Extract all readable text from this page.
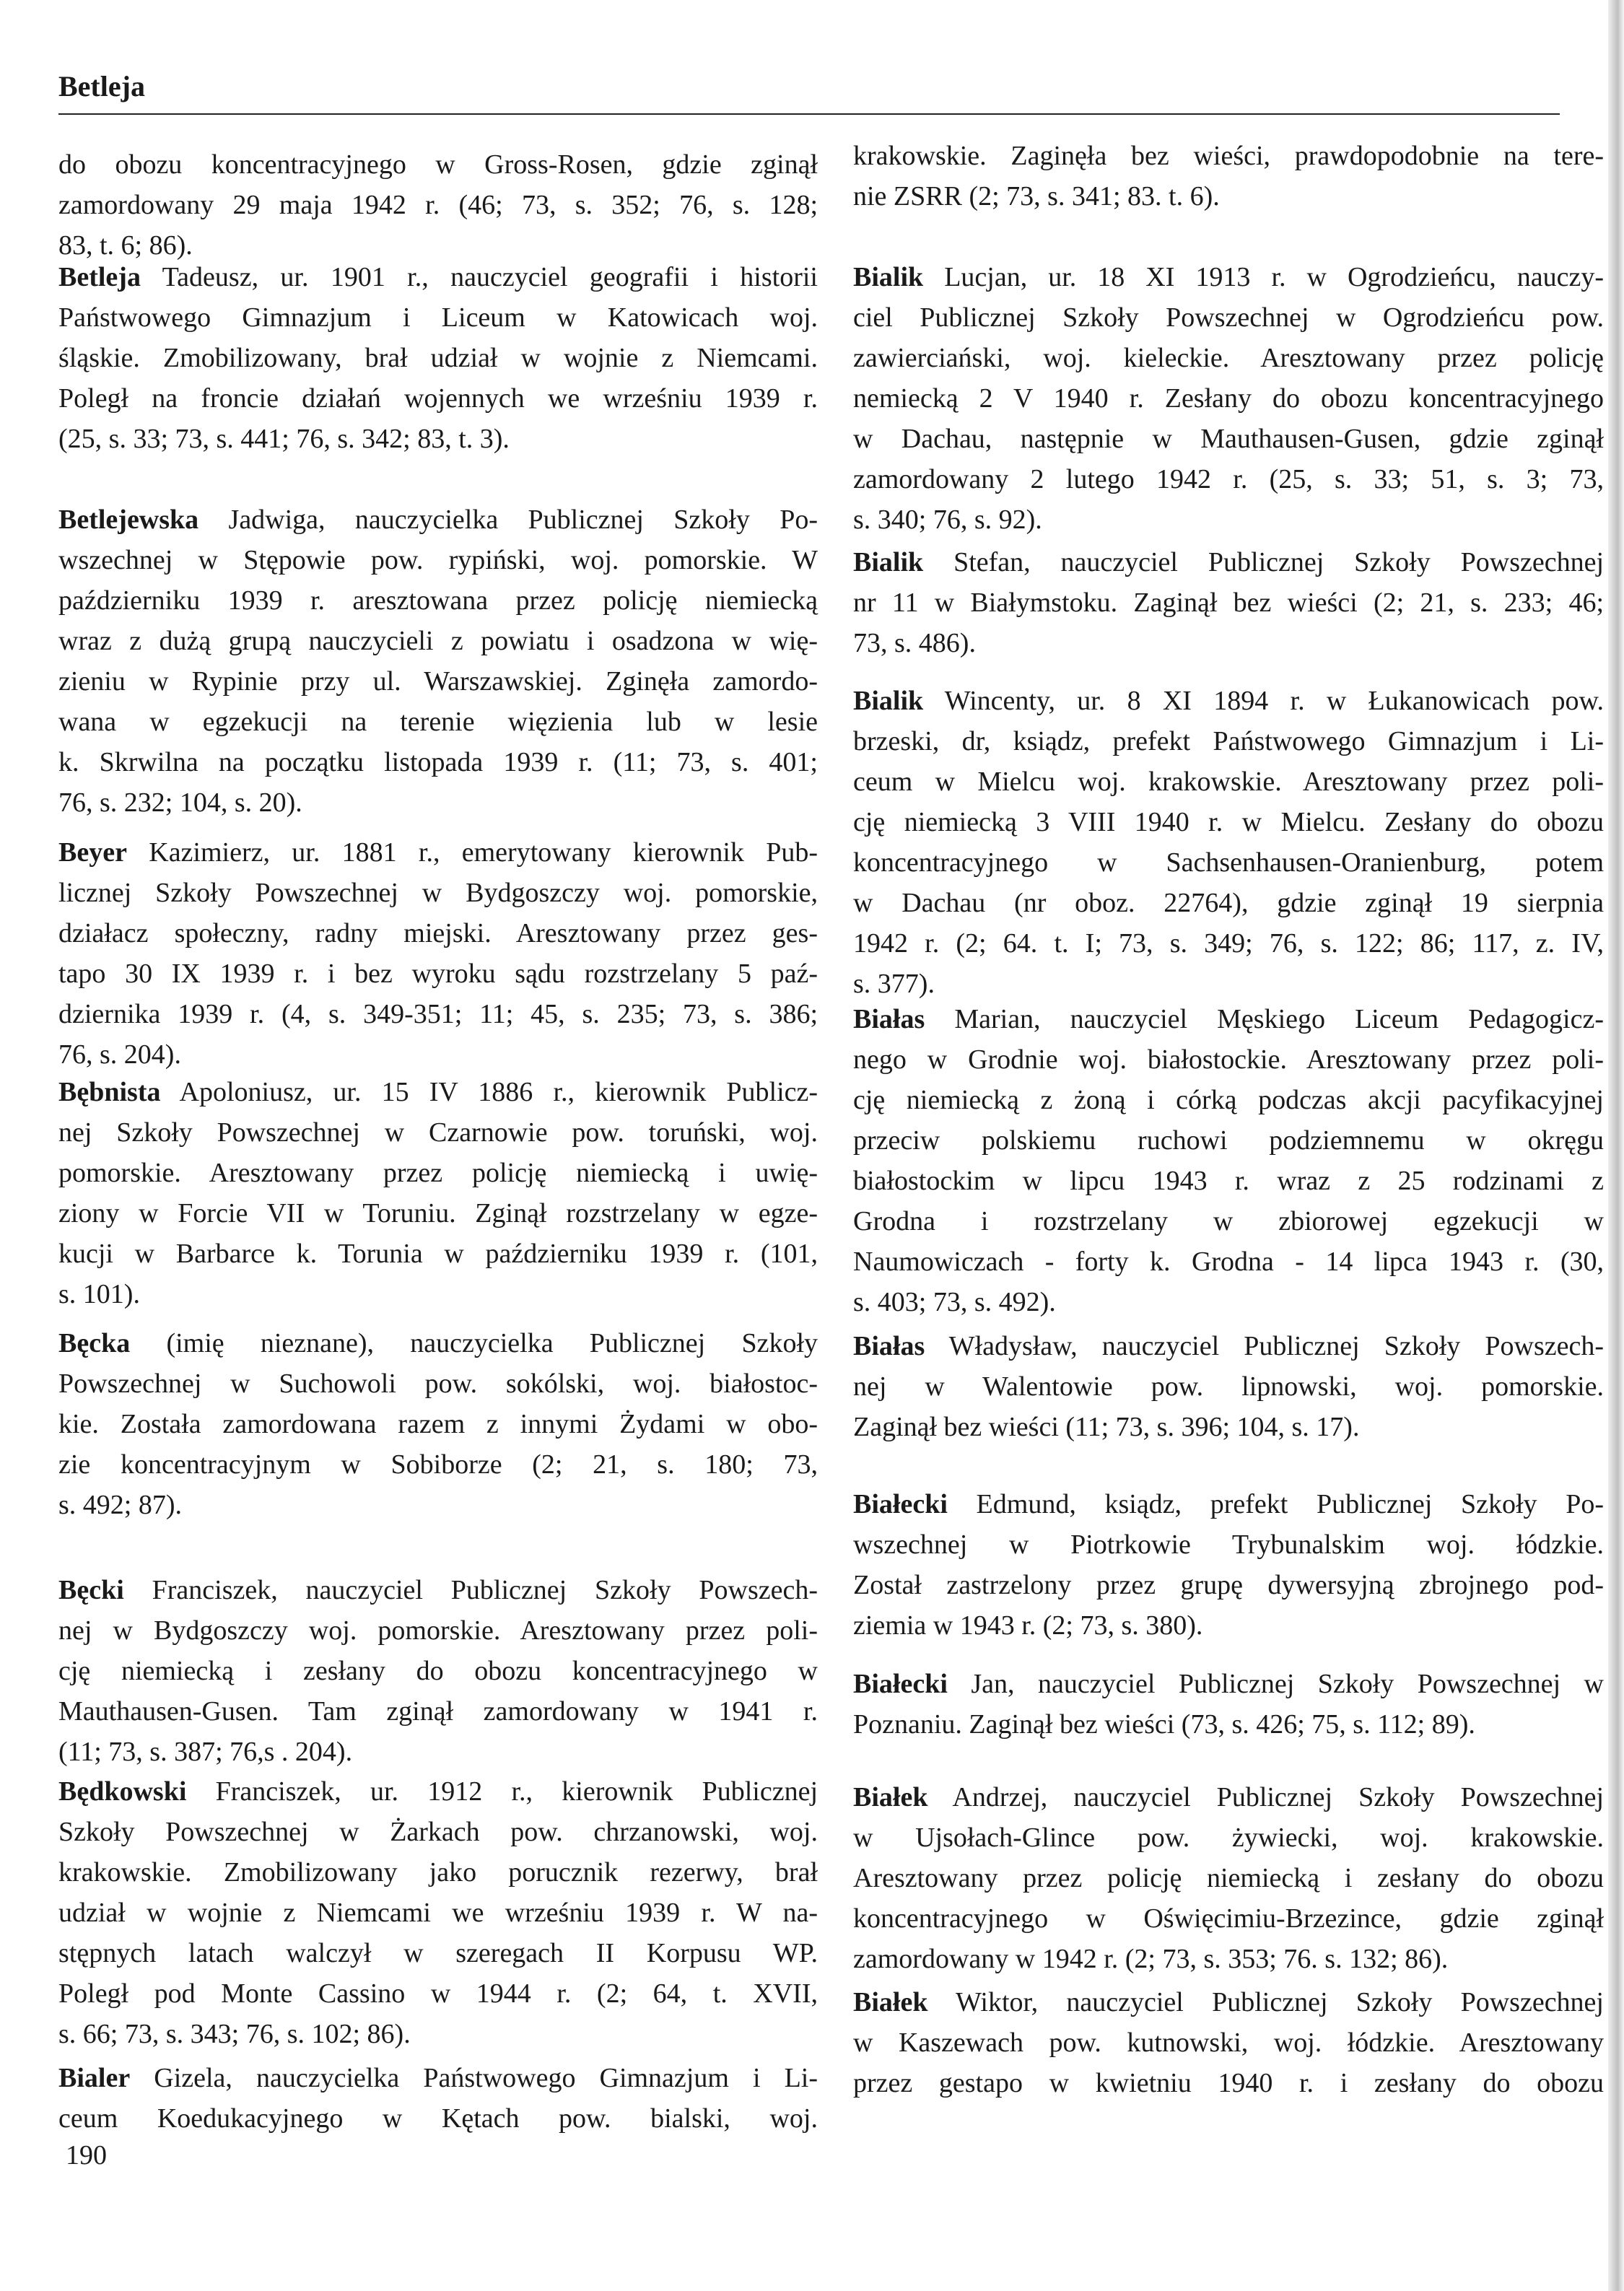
Betleja
do obozu koncentracyjnego w Gross-Rosen, gdzie zginął
zamordowany 29 maja 1942 r. (46; 73, s. 352; 76, s. 128;
83, t. 6; 86).
Betleja Tadeusz, ur. 1901 r., nauczyciel geografii i historii
Państwowego Gimnazjum i Liceum w Katowicach woj.
śląskie. Zmobilizowany, brał udział w wojnie z Niemcami.
Poległ na froncie działań wojennych we wrześniu 1939 r.
(25, s. 33; 73, s. 441; 76, s. 342; 83, t. 3).
Betlejewska Jadwiga, nauczycielka Publicznej Szkoły Po-
wszechnej w Stępowie pow. rypiński, woj. pomorskie. W
październiku 1939 r. aresztowana przez policję niemiecką
wraz z dużą grupą nauczycieli z powiatu i osadzona w wię-
zieniu w Rypinie przy ul. Warszawskiej. Zginęła zamordo-
wana w egzekucji na terenie więzienia lub w lesie
k. Skrwilna na początku listopada 1939 r. (11; 73, s. 401;
76, s. 232; 104, s. 20).
Beyer Kazimierz, ur. 1881 r., emerytowany kierownik Pub-
licznej Szkoły Powszechnej w Bydgoszczy woj. pomorskie,
działacz społeczny, radny miejski. Aresztowany przez ges-
tapo 30 IX 1939 r. i bez wyroku sądu rozstrzelany 5 paź-
dziernika 1939 r. (4, s. 349-351; 11; 45, s. 235; 73, s. 386;
76, s. 204).
Bębnista Apoloniusz, ur. 15 IV 1886 r., kierownik Publicz-
nej Szkoły Powszechnej w Czarnowie pow. toruński, woj.
pomorskie. Aresztowany przez policję niemiecką i uwię-
ziony w Forcie VII w Toruniu. Zginął rozstrzelany w egze-
kucji w Barbarce k. Torunia w październiku 1939 r. (101,
s. 101).
Bęcka (imię nieznane), nauczycielka Publicznej Szkoły
Powszechnej w Suchowoli pow. sokólski, woj. białostoc-
kie. Została zamordowana razem z innymi Żydami w obo-
zie koncentracyjnym w Sobiborze (2; 21, s. 180; 73,
s. 492; 87).
Bęcki Franciszek, nauczyciel Publicznej Szkoły Powszech-
nej w Bydgoszczy woj. pomorskie. Aresztowany przez poli-
cję niemiecką i zesłany do obozu koncentracyjnego w
Mauthausen-Gusen. Tam zginął zamordowany w 1941 r.
(11; 73, s. 387; 76,s . 204).
Będkowski Franciszek, ur. 1912 r., kierownik Publicznej
Szkoły Powszechnej w Żarkach pow. chrzanowski, woj.
krakowskie. Zmobilizowany jako porucznik rezerwy, brał
udział w wojnie z Niemcami we wrześniu 1939 r. W na-
stępnych latach walczył w szeregach II Korpusu WP.
Poległ pod Monte Cassino w 1944 r. (2; 64, t. XVII,
s. 66; 73, s. 343; 76, s. 102; 86).
Bialer Gizela, nauczycielka Państwowego Gimnazjum i Li-
ceum Koedukacyjnego w Kętach pow. bialski, woj.
krakowskie. Zaginęła bez wieści, prawdopodobnie na tere-
nie ZSRR (2; 73, s. 341; 83. t. 6).
Bialik Lucjan, ur. 18 XI 1913 r. w Ogrodzieńcu, nauczy-
ciel Publicznej Szkoły Powszechnej w Ogrodzieńcu pow.
zawierciański, woj. kieleckie. Aresztowany przez policję
nemiecką 2 V 1940 r. Zesłany do obozu koncentracyjnego
w Dachau, następnie w Mauthausen-Gusen, gdzie zginął
zamordowany 2 lutego 1942 r. (25, s. 33; 51, s. 3; 73,
s. 340; 76, s. 92).
Bialik Stefan, nauczyciel Publicznej Szkoły Powszechnej
nr 11 w Białymstoku. Zaginął bez wieści (2; 21, s. 233; 46;
73, s. 486).
Bialik Wincenty, ur. 8 XI 1894 r. w Łukanowicach pow.
brzeski, dr, ksiądz, prefekt Państwowego Gimnazjum i Li-
ceum w Mielcu woj. krakowskie. Aresztowany przez poli-
cję niemiecką 3 VIII 1940 r. w Mielcu. Zesłany do obozu
koncentracyjnego w Sachsenhausen-Oranienburg, potem
w Dachau (nr oboz. 22764), gdzie zginął 19 sierpnia
1942 r. (2; 64. t. I; 73, s. 349; 76, s. 122; 86; 117, z. IV,
s. 377).
Białas Marian, nauczyciel Męskiego Liceum Pedagogicz-
nego w Grodnie woj. białostockie. Aresztowany przez poli-
cję niemiecką z żoną i córką podczas akcji pacyfikacyjnej
przeciw polskiemu ruchowi podziemnemu w okręgu
białostockim w lipcu 1943 r. wraz z 25 rodzinami z
Grodna i rozstrzelany w zbiorowej egzekucji w
Naumowiczach - forty k. Grodna - 14 lipca 1943 r. (30,
s. 403; 73, s. 492).
Białas Władysław, nauczyciel Publicznej Szkoły Powszech-
nej w Walentowie pow. lipnowski, woj. pomorskie.
Zaginął bez wieści (11; 73, s. 396; 104, s. 17).
Białecki Edmund, ksiądz, prefekt Publicznej Szkoły Po-
wszechnej w Piotrkowie Trybunalskim woj. łódzkie.
Został zastrzelony przez grupę dywersyjną zbrojnego pod-
ziemia w 1943 r. (2; 73, s. 380).
Białecki Jan, nauczyciel Publicznej Szkoły Powszechnej w
Poznaniu. Zaginął bez wieści (73, s. 426; 75, s. 112; 89).
Białek Andrzej, nauczyciel Publicznej Szkoły Powszechnej
w Ujsołach-Glince pow. żywiecki, woj. krakowskie.
Aresztowany przez policję niemiecką i zesłany do obozu
koncentracyjnego w Oświęcimiu-Brzezince, gdzie zginął
zamordowany w 1942 r. (2; 73, s. 353; 76. s. 132; 86).
Białek Wiktor, nauczyciel Publicznej Szkoły Powszechnej
w Kaszewach pow. kutnowski, woj. łódzkie. Aresztowany
przez gestapo w kwietniu 1940 r. i zesłany do obozu
190
